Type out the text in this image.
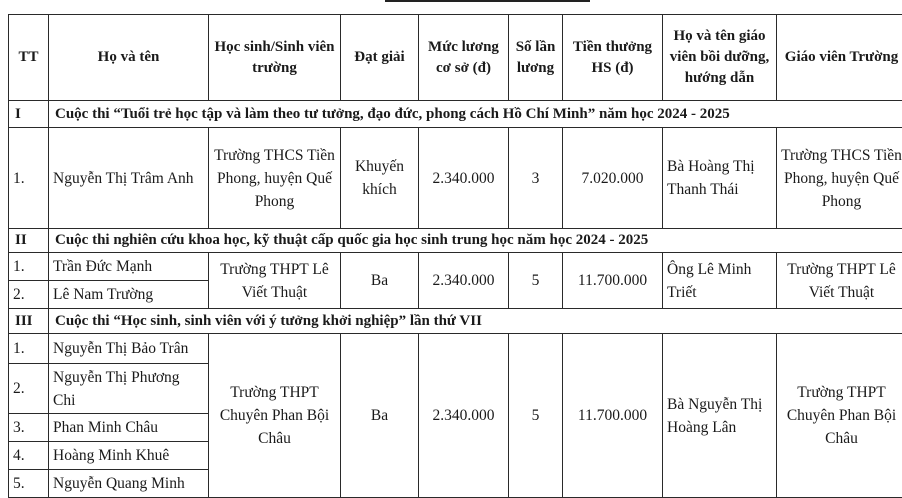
TT	Họ và tên	Học sinh/Sinh viên trường	Đạt giải	Mức lương cơ sở (đ)	Số lần lương	Tiền thưởng HS (đ)	Họ và tên giáo viên bồi dưỡng, hướng dẫn	Giáo viên Trường
I	Cuộc thi “Tuổi trẻ học tập và làm theo tư tưởng, đạo đức, phong cách Hồ Chí Minh” năm học 2024 - 2025							
1.	Nguyễn Thị Trâm Anh	Trường THCS Tiền Phong, huyện Quế Phong	Khuyến khích	2.340.000	3	7.020.000	Bà Hoàng Thị Thanh Thái	Trường THCS Tiền Phong, huyện Quế Phong
II	Cuộc thi nghiên cứu khoa học, kỹ thuật cấp quốc gia học sinh trung học năm học 2024 - 2025							
1.	Trần Đức Mạnh	Trường THPT Lê Viết Thuật	Ba	2.340.000	5	11.700.000	Ông Lê Minh Triết	Trường THPT Lê Viết Thuật
2.	Lê Nam Trường							
III	Cuộc thi “Học sinh, sinh viên với ý tưởng khởi nghiệp” lần thứ VII							
1.	Nguyễn Thị Bảo Trân	Trường THPT Chuyên Phan Bội Châu	Ba	2.340.000	5	11.700.000	Bà Nguyễn Thị Hoàng Lân	Trường THPT Chuyên Phan Bội Châu
2.	Nguyễn Thị Phương Chi							
3.	Phan Minh Châu							
4.	Hoàng Minh Khuê							
5.	Nguyễn Quang Minh							
